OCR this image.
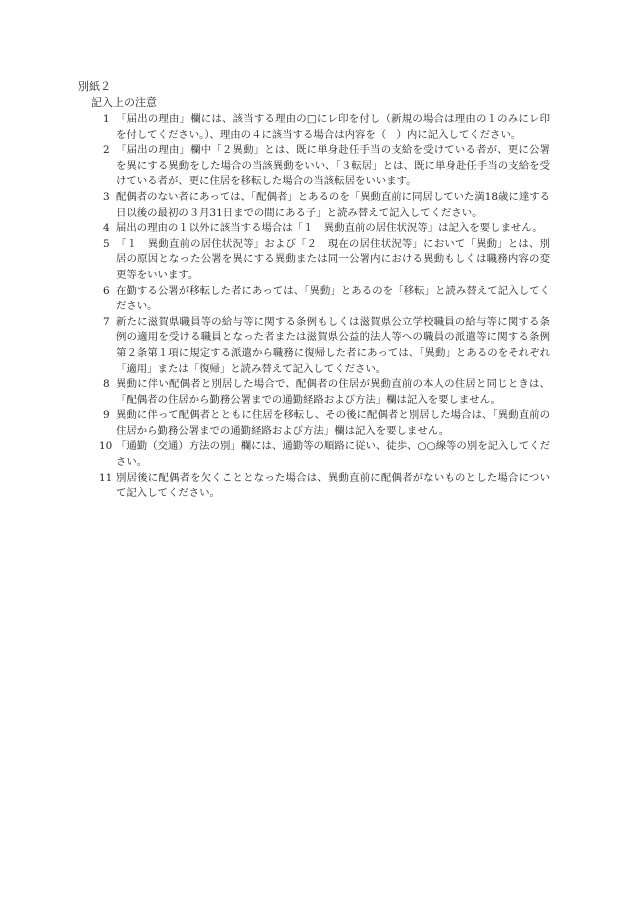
別紙２
記入上の注意
1 「届出の理由」欄には、該当する理由の□にレ印を付し（新規の場合は理由の１のみにレ印を付してください。）、理由の４に該当する場合は内容を（　）内に記入してください。
2 「届出の理由」欄中「２異動」とは、既に単身赴任手当の支給を受けている者が、更に公署を異にする異動をした場合の当該異動をいい、「３転居」とは、既に単身赴任手当の支給を受けている者が、更に住居を移転した場合の当該転居をいいます。
3 配偶者のない者にあっては、「配偶者」とあるのを「異動直前に同居していた満18歳に達する日以後の最初の３月31日までの間にある子」と読み替えて記入してください。
4 届出の理由の１以外に該当する場合は「１　異動直前の居住状況等」は記入を要しません。
5 「１　異動直前の居住状況等」および「２　現在の居住状況等」において「異動」とは、別居の原因となった公署を異にする異動または同一公署内における異動もしくは職務内容の変更等をいいます。
6 在勤する公署が移転した者にあっては、「異動」とあるのを「移転」と読み替えて記入してください。
7 新たに滋賀県職員等の給与等に関する条例もしくは滋賀県公立学校職員の給与等に関する条例の適用を受ける職員となった者または滋賀県公益的法人等への職員の派遣等に関する条例第２条第１項に規定する派遣から職務に復帰した者にあっては、「異動」とあるのをそれぞれ「適用」または「復帰」と読み替えて記入してください。
8 異動に伴い配偶者と別居した場合で、配偶者の住居が異動直前の本人の住居と同じときは、「配偶者の住居から勤務公署までの通勤経路および方法」欄は記入を要しません。
9 異動に伴って配偶者とともに住居を移転し、その後に配偶者と別居した場合は、「異動直前の住居から勤務公署までの通勤経路および方法」欄は記入を要しません。
10 「通勤（交通）方法の別」欄には、通勤等の順路に従い、徒歩、○○線等の別を記入してください。
11 別居後に配偶者を欠くこととなった場合は、異動直前に配偶者がないものとした場合について記入してください。
